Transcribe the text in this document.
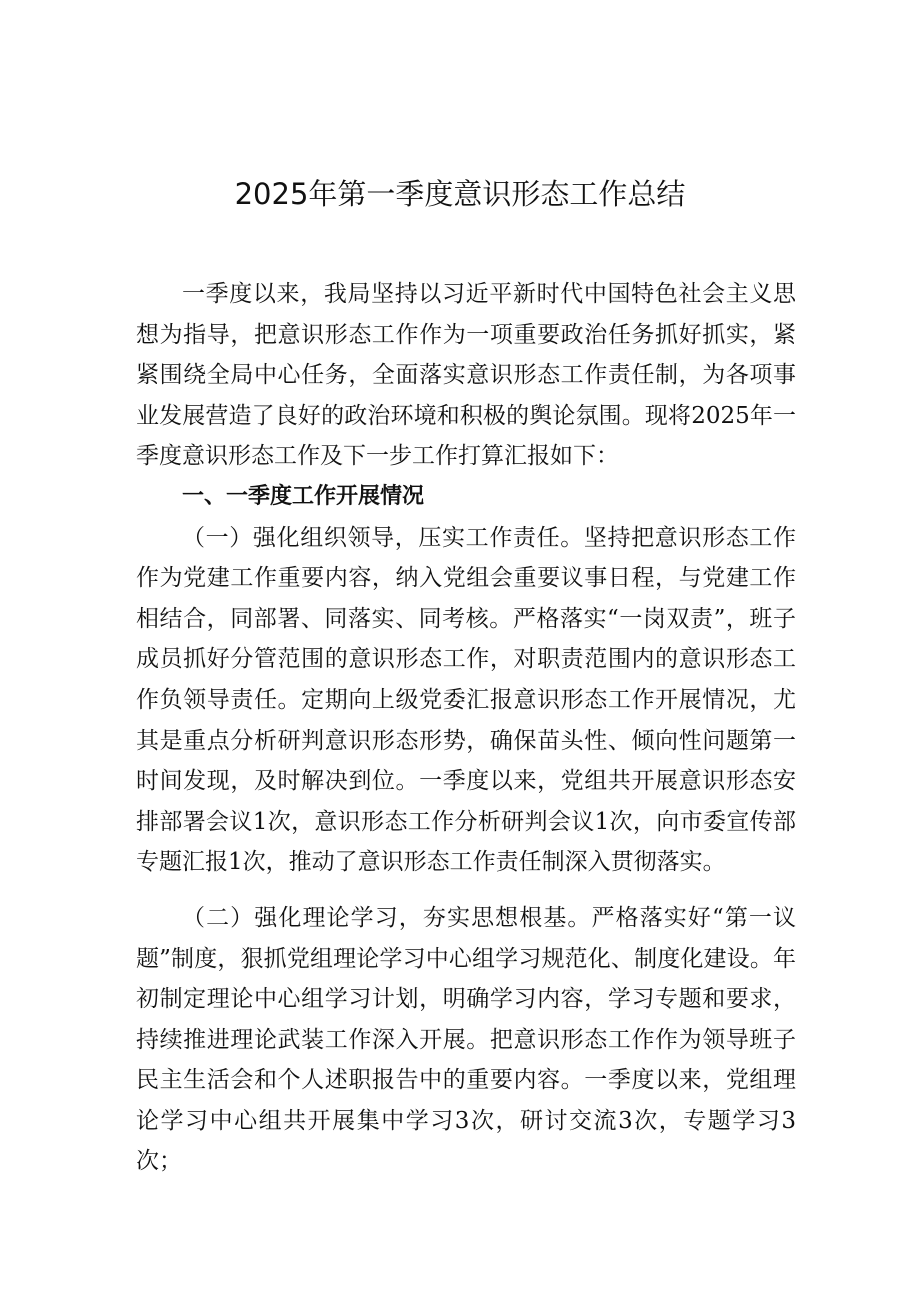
2025年第一季度意识形态工作总结

一季度以来，我局坚持以习近平新时代中国特色社会主义思想为指导，把意识形态工作作为一项重要政治任务抓好抓实，紧紧围绕全局中心任务，全面落实意识形态工作责任制，为各项事业发展营造了良好的政治环境和积极的舆论氛围。现将2025年一季度意识形态工作及下一步工作打算汇报如下：

一、一季度工作开展情况

（一）强化组织领导，压实工作责任。坚持把意识形态工作作为党建工作重要内容，纳入党组会重要议事日程，与党建工作相结合，同部署、同落实、同考核。严格落实“一岗双责”，班子成员抓好分管范围的意识形态工作，对职责范围内的意识形态工作负领导责任。定期向上级党委汇报意识形态工作开展情况，尤其是重点分析研判意识形态形势，确保苗头性、倾向性问题第一时间发现，及时解决到位。一季度以来，党组共开展意识形态安排部署会议1次，意识形态工作分析研判会议1次，向市委宣传部专题汇报1次，推动了意识形态工作责任制深入贯彻落实。

（二）强化理论学习，夯实思想根基。严格落实好“第一议题”制度，狠抓党组理论学习中心组学习规范化、制度化建设。年初制定理论中心组学习计划，明确学习内容，学习专题和要求，持续推进理论武装工作深入开展。把意识形态工作作为领导班子民主生活会和个人述职报告中的重要内容。一季度以来，党组理论学习中心组共开展集中学习3次，研讨交流3次，专题学习3次；
